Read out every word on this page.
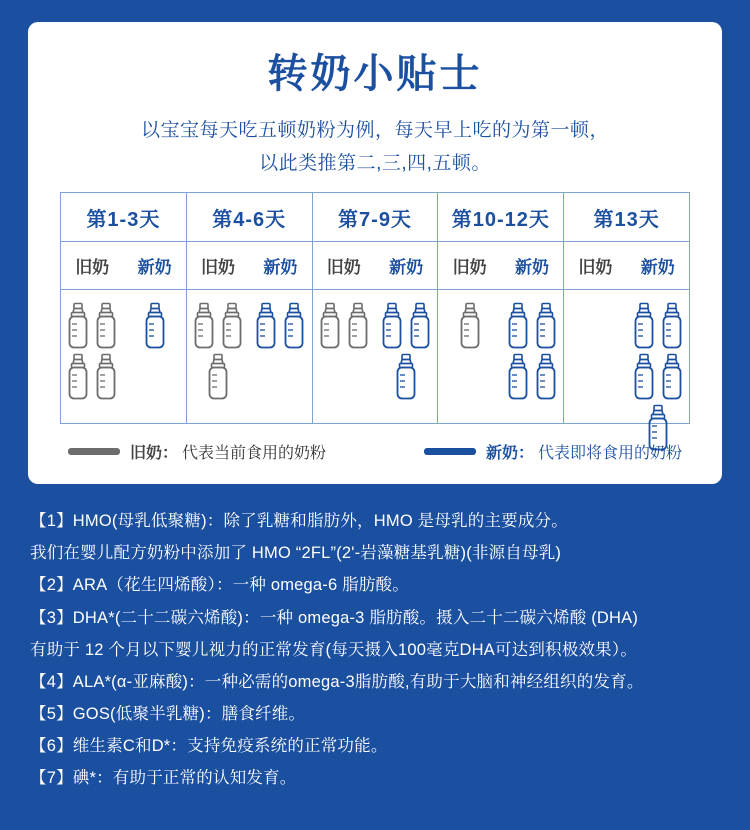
转奶小贴士
以宝宝每天吃五顿奶粉为例，每天早上吃的为第一顿，
以此类推第二,三,四,五顿。
第1-3天	第4-6天	第7-9天 第10-12天 第13天
旧奶 新奶 旧奶 新奶 旧奶 新奶 旧奶 新奶 旧奶 新奶
旧奶： 代表当前食用的奶粉	新奶： 代表即将食用的奶粉
【1】HMO(母乳低聚糖)：除了乳糖和脂肪外，HMO 是母乳的主要成分。
我们在婴儿配方奶粉中添加了 HMO “2FL”(2'-岩藻糖基乳糖)(非源自母乳)
【2】ARA（花生四烯酸）：一种 omega-6 脂肪酸。
【3】DHA*(二十二碳六烯酸)：一种 omega-3 脂肪酸。摄入二十二碳六烯酸 (DHA)
有助于 12 个月以下婴儿视力的正常发育(每天摄入100毫克DHA可达到积极效果）。
【4】ALA*(α-亚麻酸)：一种必需的omega-3脂肪酸,有助于大脑和神经组织的发育。
【5】GOS(低聚半乳糖)：膳食纤维。
【6】维生素C和D*：支持免疫系统的正常功能。
【7】碘*：有助于正常的认知发育。
